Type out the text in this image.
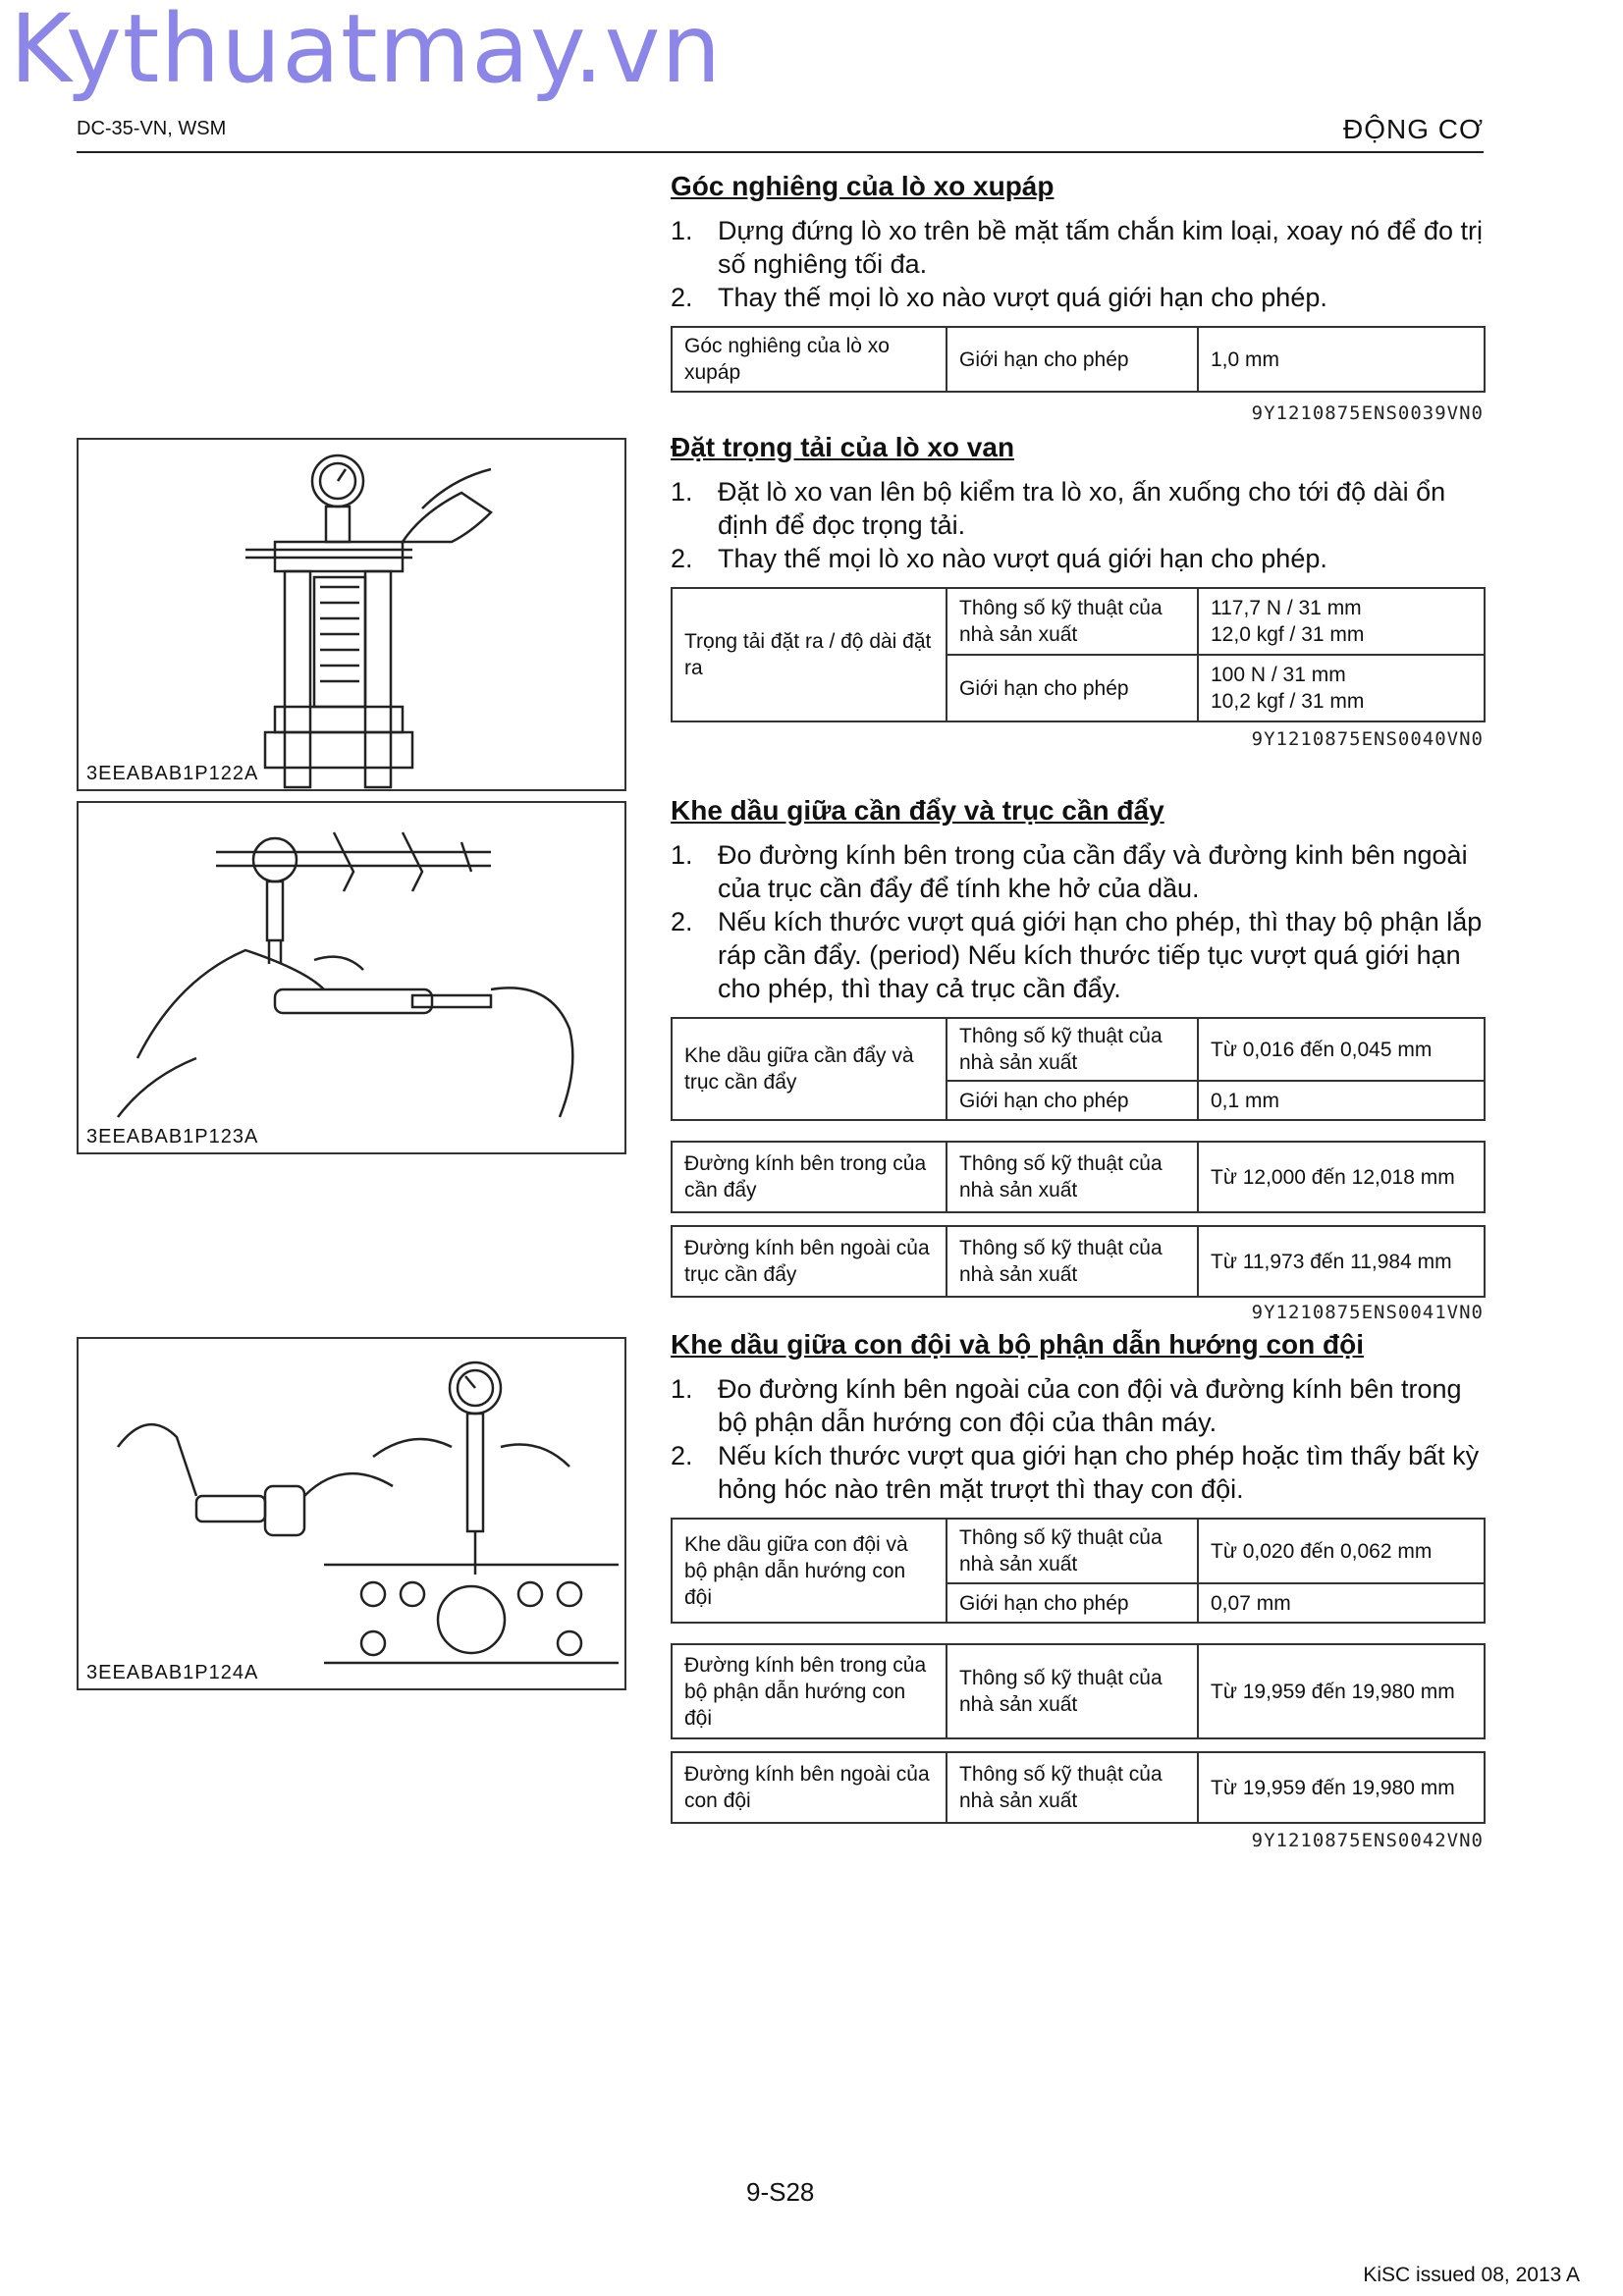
Kythuatmay.vn
DC-35-VN, WSM	ĐỘNG CƠ
Góc nghiêng của lò xo xupáp
1. Dựng đứng lò xo trên bề mặt tấm chắn kim loại, xoay nó để đo trị số nghiêng tối đa.
2. Thay thế mọi lò xo nào vượt quá giới hạn cho phép.
Góc nghiêng của lò xo xupáp	Giới hạn cho phép	1,0 mm
9Y1210875ENS0039VN0
Đặt trọng tải của lò xo van
1. Đặt lò xo van lên bộ kiểm tra lò xo, ấn xuống cho tới độ dài ổn định để đọc trọng tải.
2. Thay thế mọi lò xo nào vượt quá giới hạn cho phép.
Trọng tải đặt ra / độ dài đặt ra	Thông số kỹ thuật của nhà sản xuất	117,7 N / 31 mm
12,0 kgf / 31 mm

	Giới hạn cho phép	100 N / 31 mm
10,2 kgf / 31 mm
9Y1210875ENS0040VN0
Khe dầu giữa cần đẩy và trục cần đẩy
1. Đo đường kính bên trong của cần đẩy và đường kinh bên ngoài của trục cần đẩy để tính khe hở của dầu.
2. Nếu kích thước vượt quá giới hạn cho phép, thì thay bộ phận lắp ráp cần đẩy. (period) Nếu kích thước tiếp tục vượt quá giới hạn cho phép, thì thay cả trục cần đẩy.
Khe dầu giữa cần đẩy và trục cần đẩy	Thông số kỹ thuật của nhà sản xuất	Từ 0,016 đến 0,045 mm
	Giới hạn cho phép	0,1 mm
Đường kính bên trong của cần đẩy	Thông số kỹ thuật của nhà sản xuất	Từ 12,000 đến 12,018 mm
Đường kính bên ngoài của trục cần đẩy	Thông số kỹ thuật của nhà sản xuất	Từ 11,973 đến 11,984 mm
9Y1210875ENS0041VN0
Khe dầu giữa con đội và bộ phận dẫn hướng con đội
1. Đo đường kính bên ngoài của con đội và đường kính bên trong bộ phận dẫn hướng con đội của thân máy.
2. Nếu kích thước vượt qua giới hạn cho phép hoặc tìm thấy bất kỳ hỏng hóc nào trên mặt trượt thì thay con đội.
Khe dầu giữa con đội và bộ phận dẫn hướng con đội	Thông số kỹ thuật của nhà sản xuất	Từ 0,020 đến 0,062 mm
	Giới hạn cho phép	0,07 mm
Đường kính bên trong của bộ phận dẫn hướng con đội	Thông số kỹ thuật của nhà sản xuất	Từ 19,959 đến 19,980 mm
Đường kính bên ngoài của con đội	Thông số kỹ thuật của nhà sản xuất	Từ 19,959 đến 19,980 mm
9Y1210875ENS0042VN0
3EEABAB1P122A
3EEABAB1P123A
3EEABAB1P124A
9-S28
KiSC issued 08, 2013 A
